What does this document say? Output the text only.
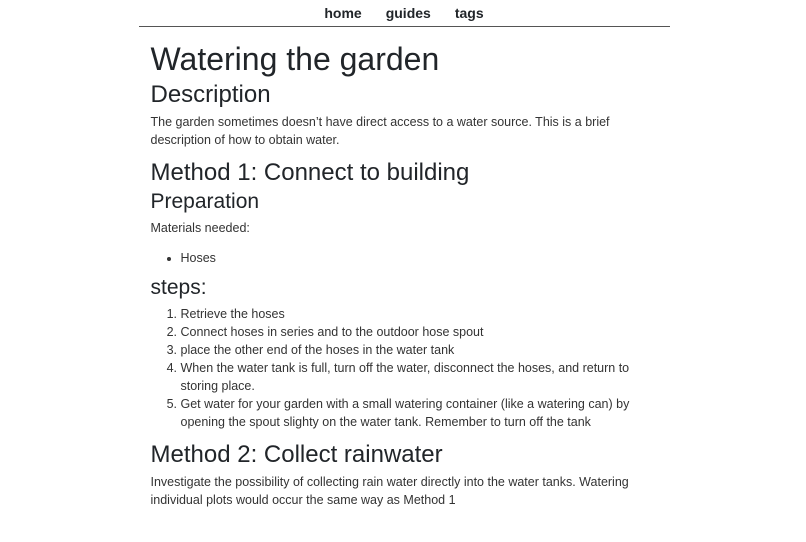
home	guides	tags
Watering the garden
Description

The garden sometimes doesn’t have direct access to a water source. This is a brief description of how to obtain water.

Method 1: Connect to building
Preparation

Materials needed:

• Hoses
steps:
1. Retrieve the hoses
2. Connect hoses in series and to the outdoor hose spout
3. place the other end of the hoses in the water tank
4. When the water tank is full, turn off the water, disconnect the hoses, and return to storing place.
5. Get water for your garden with a small watering container (like a watering can) by opening the spout slighty on the water tank. Remember to turn off the tank
Method 2: Collect rainwater

Investigate the possibility of collecting rain water directly into the water tanks. Watering individual plots would occur the same way as Method 1
